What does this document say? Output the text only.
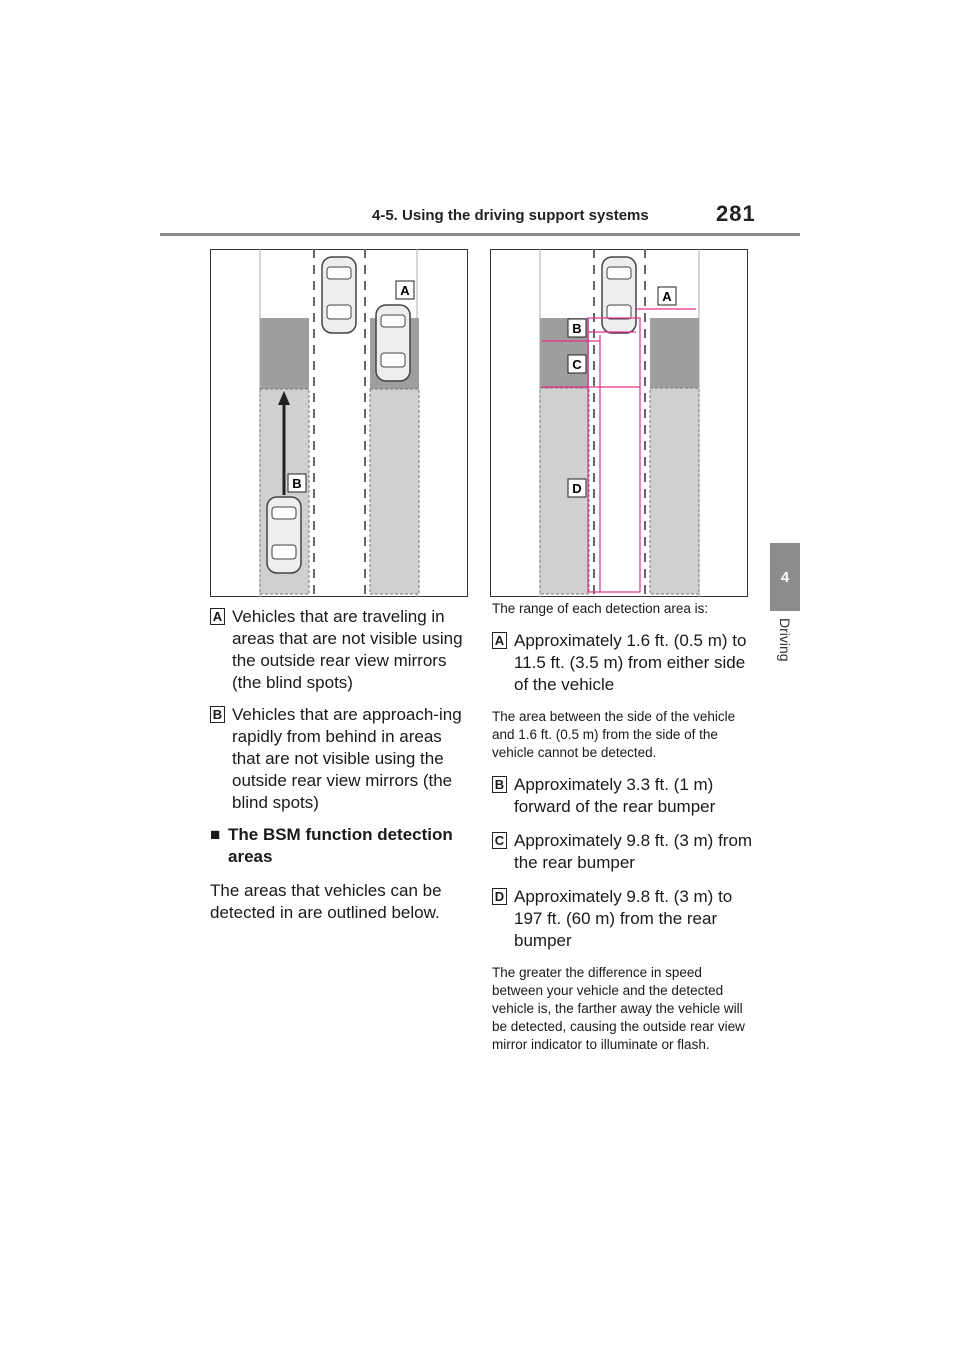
4-5. Using the driving support systems	281
4
Driving
A
B
A
B
C
D
A Vehicles that are traveling in areas that are not visible using the outside rear view mirrors (the blind spots)
B Vehicles that are approach-ing rapidly from behind in areas that are not visible using the outside rear view mirrors (the blind spots)
■ The BSM function detection areas

The areas that vehicles can be detected in are outlined below.

The range of each detection area is:

A Approximately 1.6 ft. (0.5 m) to 11.5 ft. (3.5 m) from either side of the vehicle

The area between the side of the vehicle and 1.6 ft. (0.5 m) from the side of the vehicle cannot be detected.

B Approximately 3.3 ft. (1 m) forward of the rear bumper
C Approximately 9.8 ft. (3 m) from the rear bumper
D Approximately 9.8 ft. (3 m) to 197 ft. (60 m) from the rear bumper

The greater the difference in speed between your vehicle and the detected vehicle is, the farther away the vehicle will be detected, causing the outside rear view mirror indicator to illuminate or flash.
